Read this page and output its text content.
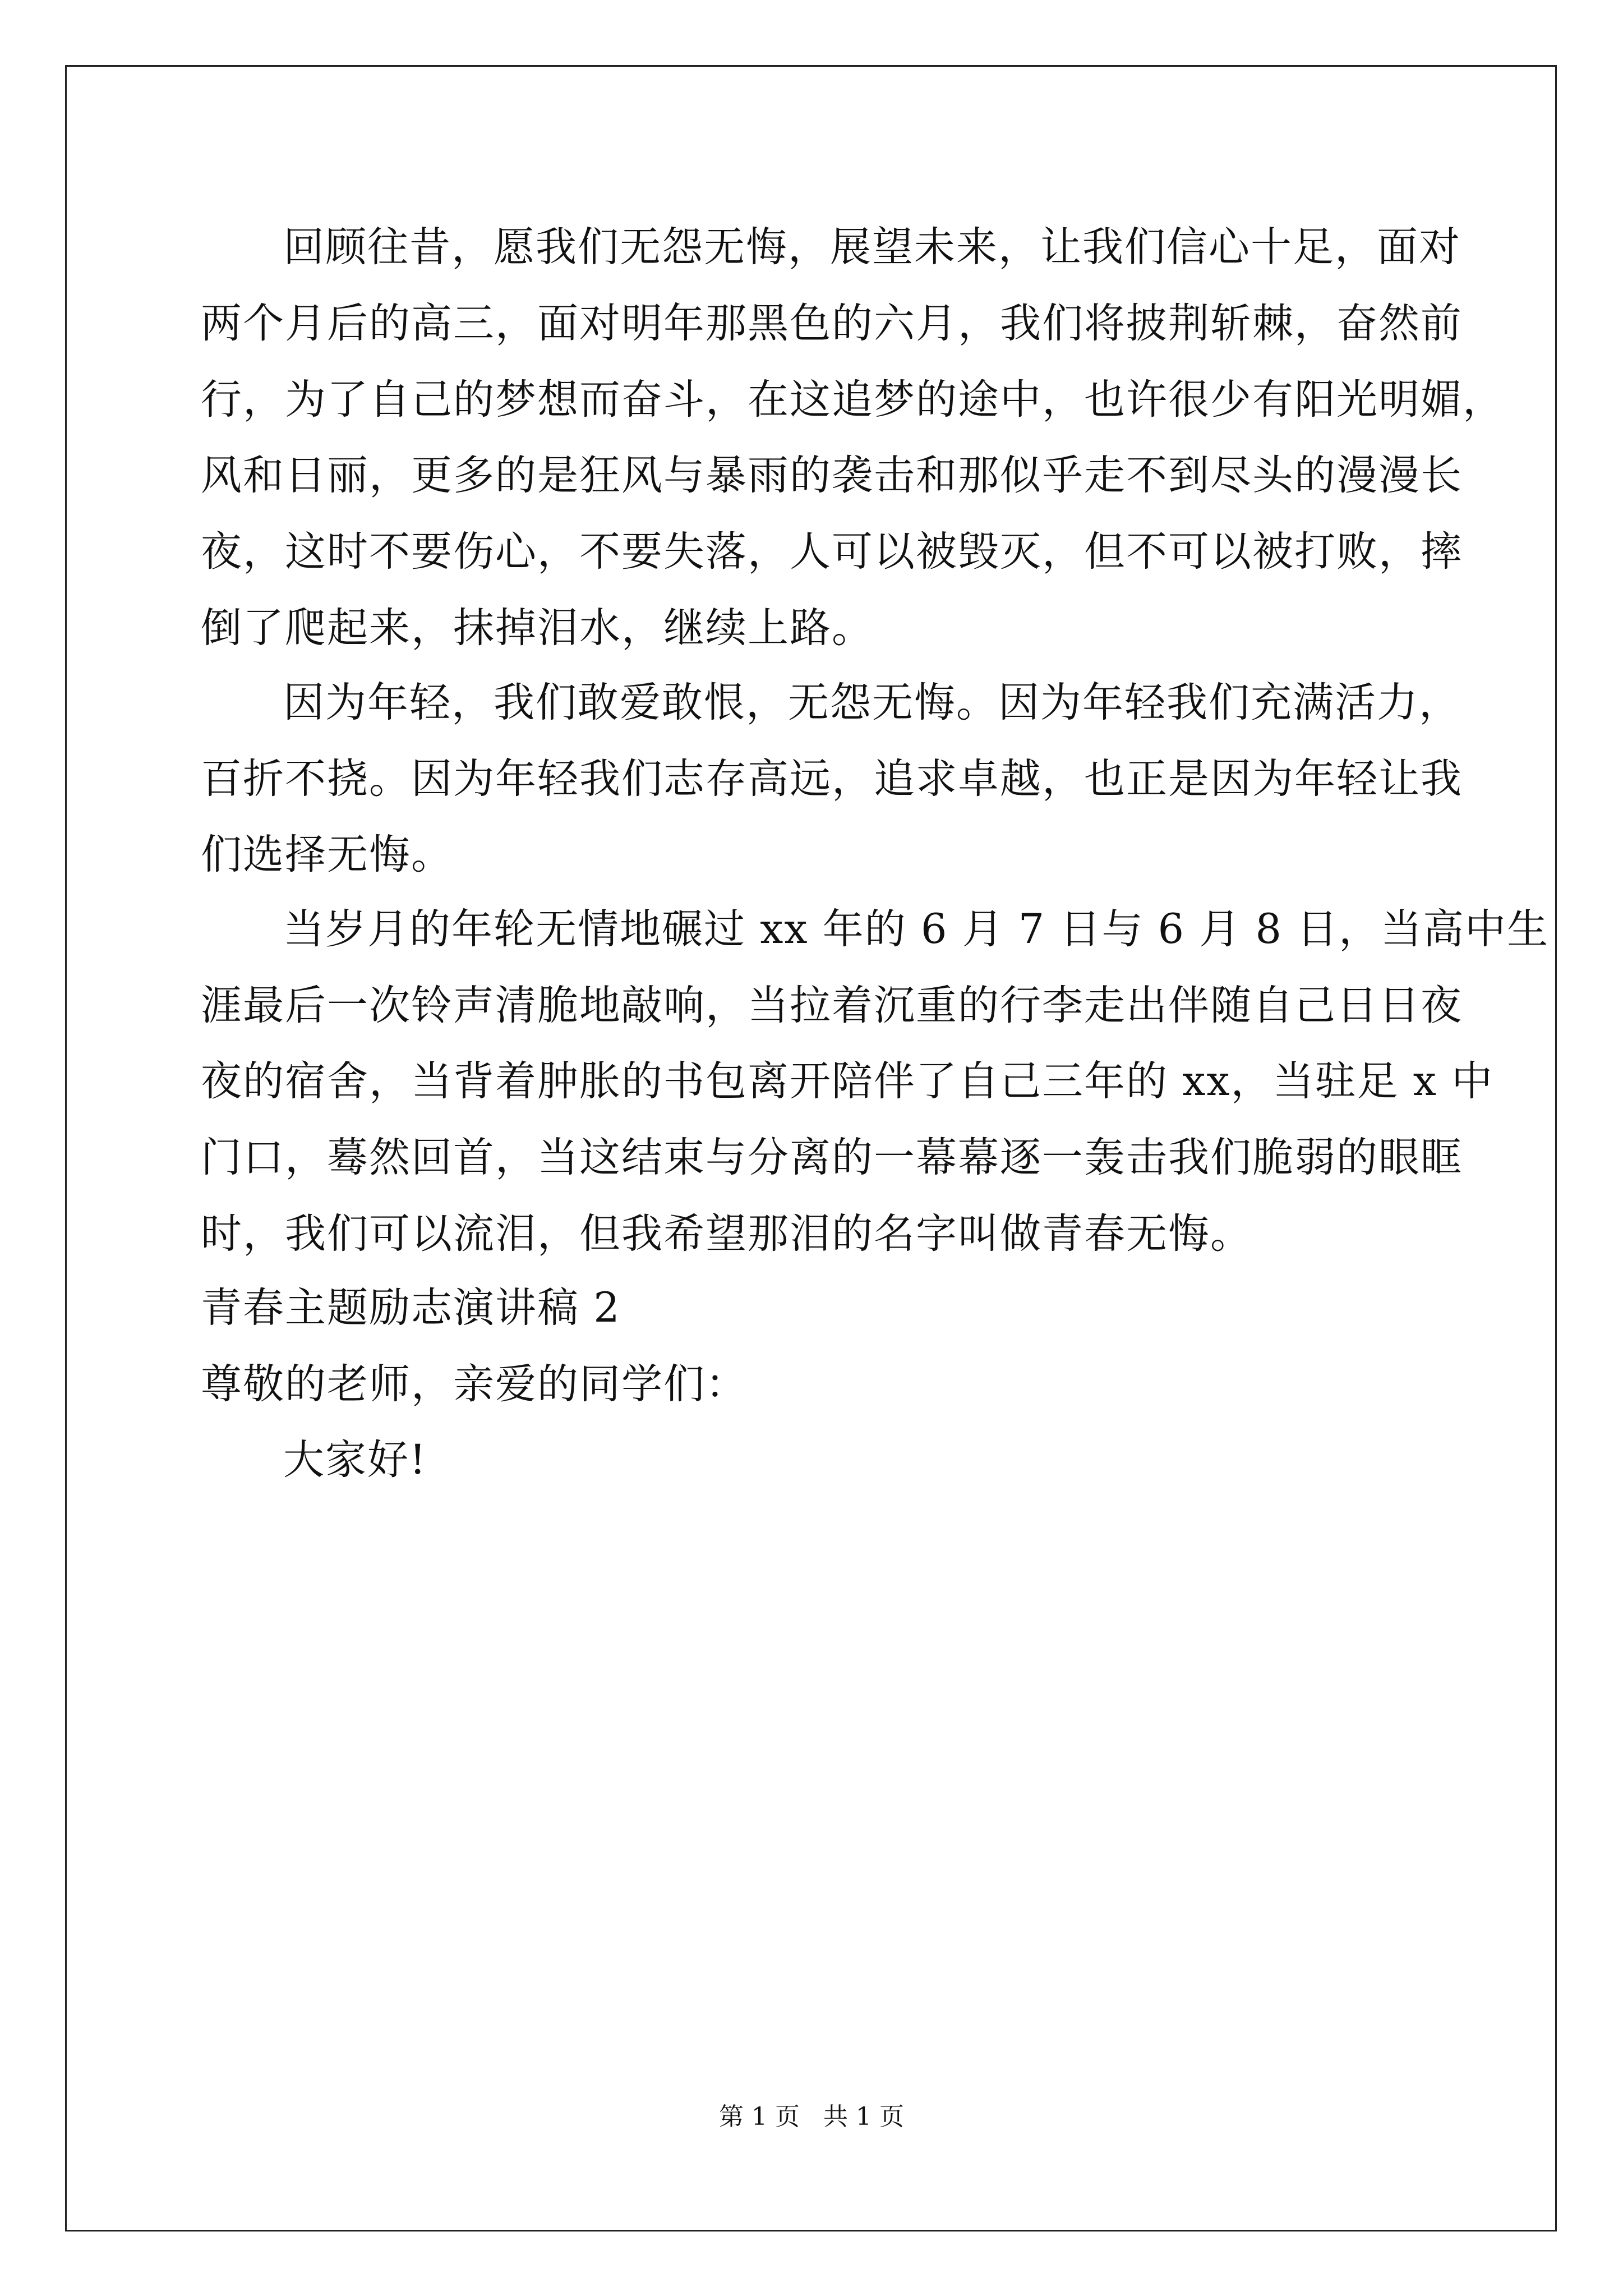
回顾往昔，愿我们无怨无悔，展望未来，让我们信心十足，面对
两个月后的高三，面对明年那黑色的六月，我们将披荆斩棘，奋然前
行，为了自己的梦想而奋斗，在这追梦的途中，也许很少有阳光明媚，
风和日丽，更多的是狂风与暴雨的袭击和那似乎走不到尽头的漫漫长
夜，这时不要伤心，不要失落，人可以被毁灭，但不可以被打败，摔
倒了爬起来，抹掉泪水，继续上路。
因为年轻，我们敢爱敢恨，无怨无悔。因为年轻我们充满活力，
百折不挠。因为年轻我们志存高远，追求卓越，也正是因为年轻让我
们选择无悔。
当岁月的年轮无情地碾过 xx 年的 6 月 7 日与 6 月 8 日，当高中生
涯最后一次铃声清脆地敲响，当拉着沉重的行李走出伴随自己日日夜
夜的宿舍，当背着肿胀的书包离开陪伴了自己三年的 xx，当驻足 x 中
门口，蓦然回首，当这结束与分离的一幕幕逐一轰击我们脆弱的眼眶
时，我们可以流泪，但我希望那泪的名字叫做青春无悔。
青春主题励志演讲稿 2
尊敬的老师，亲爱的同学们：
大家好!
第 1 页   共 1 页
